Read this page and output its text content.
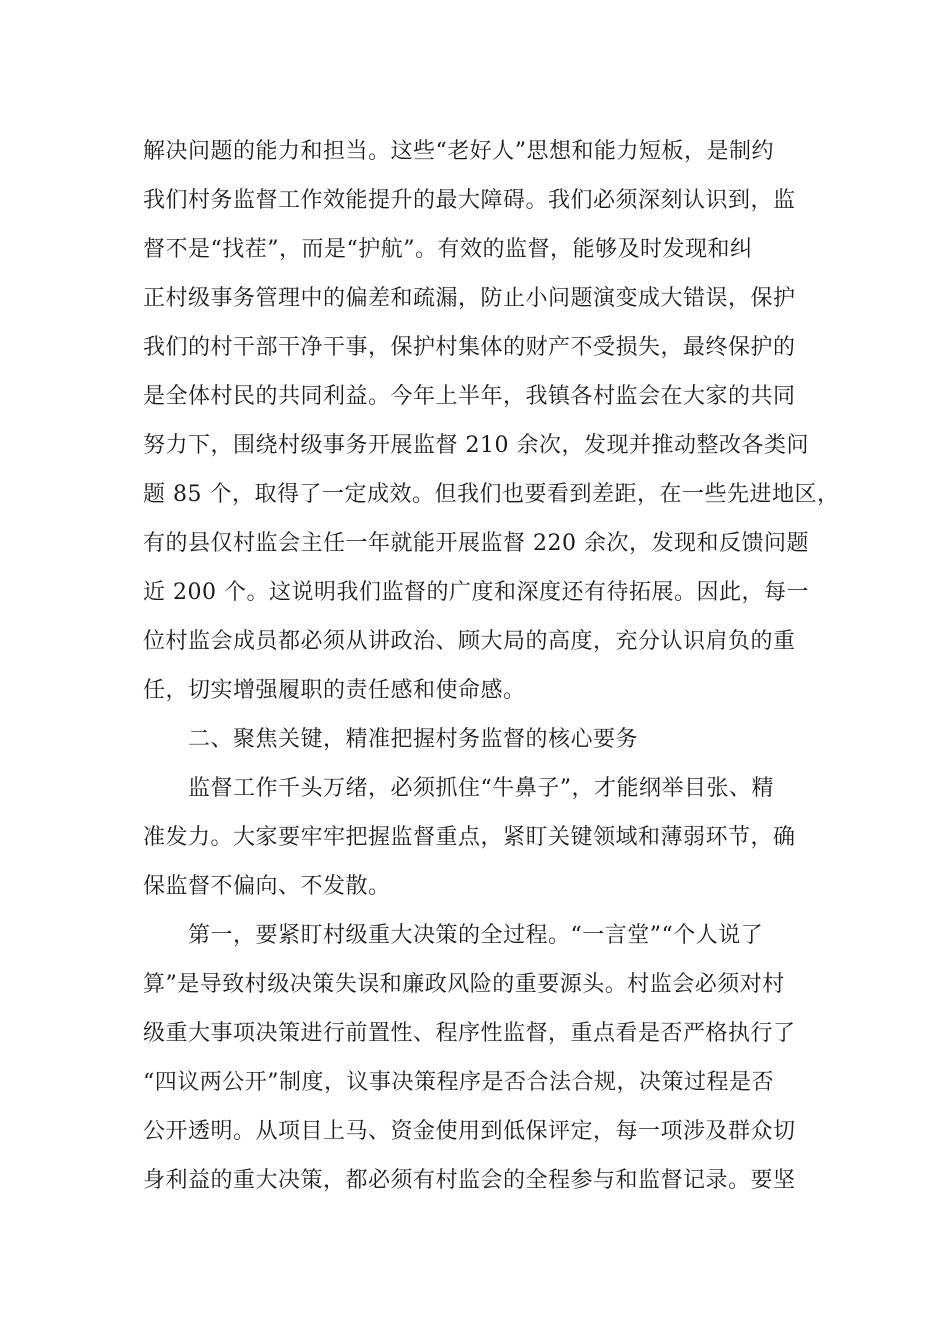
解决问题的能力和担当。这些“老好人”思想和能力短板，是制约
我们村务监督工作效能提升的最大障碍。我们必须深刻认识到，监
督不是“找茬”，而是“护航”。有效的监督，能够及时发现和纠
正村级事务管理中的偏差和疏漏，防止小问题演变成大错误，保护
我们的村干部干净干事，保护村集体的财产不受损失，最终保护的
是全体村民的共同利益。今年上半年，我镇各村监会在大家的共同
努力下，围绕村级事务开展监督 210 余次，发现并推动整改各类问
题 85 个，取得了一定成效。但我们也要看到差距，在一些先进地区，
有的县仅村监会主任一年就能开展监督 220 余次，发现和反馈问题
近 200 个。这说明我们监督的广度和深度还有待拓展。因此，每一
位村监会成员都必须从讲政治、顾大局的高度，充分认识肩负的重
任，切实增强履职的责任感和使命感。
二、聚焦关键，精准把握村务监督的核心要务
监督工作千头万绪，必须抓住“牛鼻子”，才能纲举目张、精
准发力。大家要牢牢把握监督重点，紧盯关键领域和薄弱环节，确
保监督不偏向、不发散。
第一，要紧盯村级重大决策的全过程。“一言堂”“个人说了
算”是导致村级决策失误和廉政风险的重要源头。村监会必须对村
级重大事项决策进行前置性、程序性监督，重点看是否严格执行了
“四议两公开”制度，议事决策程序是否合法合规，决策过程是否
公开透明。从项目上马、资金使用到低保评定，每一项涉及群众切
身利益的重大决策，都必须有村监会的全程参与和监督记录。要坚
